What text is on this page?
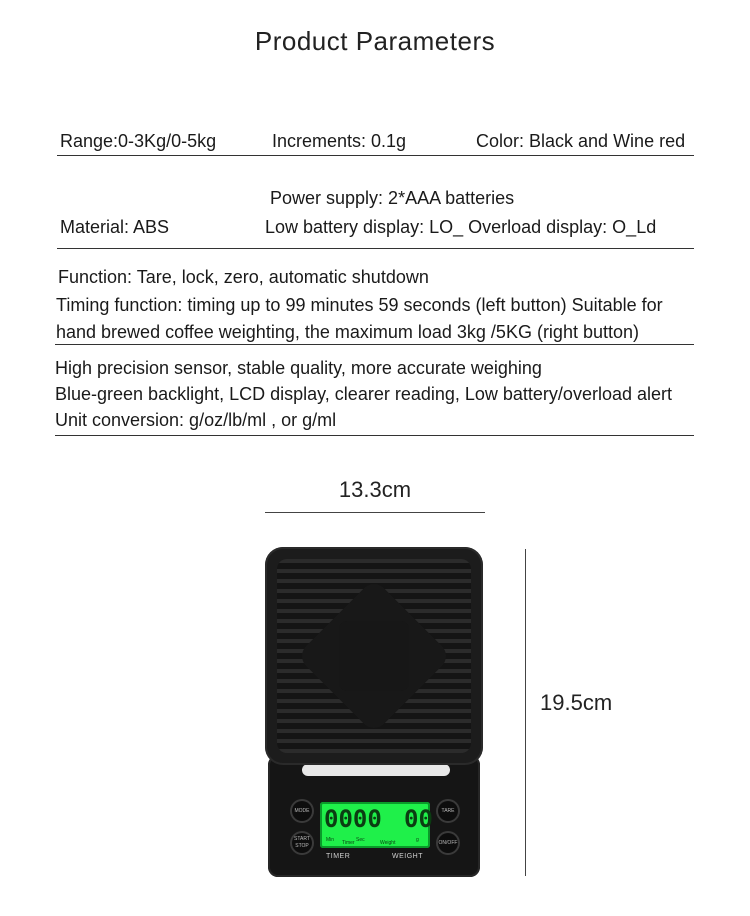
Product Parameters
Range:0-3Kg/0-5kg	Increments: 0.1g	Color: Black and Wine red
Power supply: 2*AAA batteries
Material: ABS	Low battery display: LO_ Overload display: O_Ld
Function: Tare, lock, zero, automatic shutdown
Timing function: timing up to 99 minutes 59 seconds (left button) Suitable for
hand brewed coffee weighting, the maximum load 3kg /5KG (right button)
High precision sensor, stable quality, more accurate weighing
Blue-green backlight, LCD display, clearer reading, Low battery/overload alert
Unit conversion: g/oz/lb/ml , or g/ml
13.3cm
19.5cm
MODE
START STOP
TARE
ON/OFF
0000 00
Min Timer Sec	Weight	g
TIMER	WEIGHT
